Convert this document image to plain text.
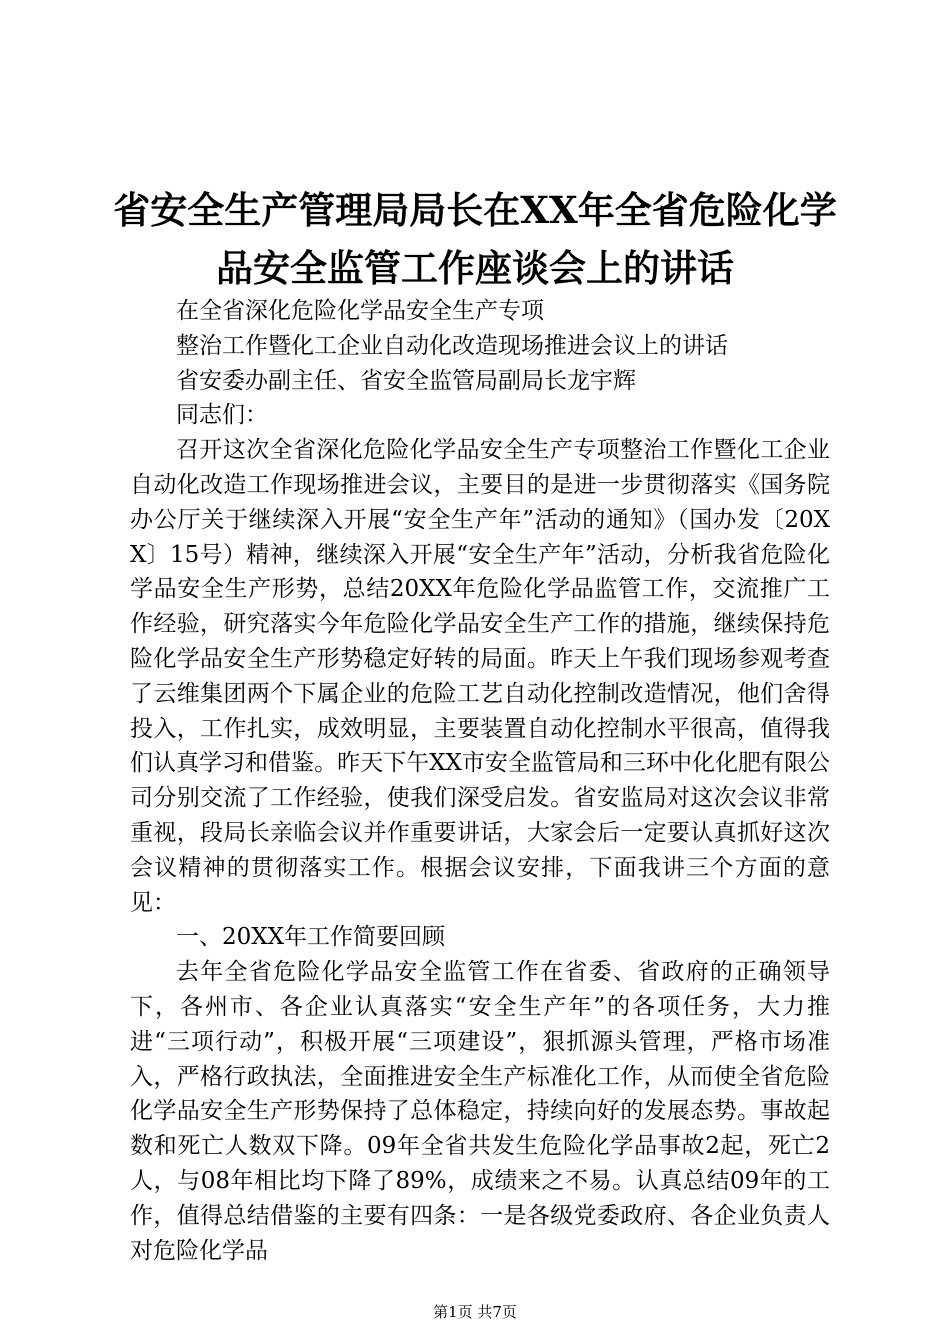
省安全生产管理局局长在XX年全省危险化学
品安全监管工作座谈会上的讲话

在全省深化危险化学品安全生产专项

整治工作暨化工企业自动化改造现场推进会议上的讲话

省安委办副主任、省安全监管局副局长龙宇辉

同志们：

召开这次全省深化危险化学品安全生产专项整治工作暨化工企业自动化改造工作现场推进会议，主要目的是进一步贯彻落实《国务院办公厅关于继续深入开展“安全生产年”活动的通知》（国办发〔20XX〕15号）精神，继续深入开展“安全生产年”活动，分析我省危险化学品安全生产形势，总结20XX年危险化学品监管工作，交流推广工作经验，研究落实今年危险化学品安全生产工作的措施，继续保持危险化学品安全生产形势稳定好转的局面。昨天上午我们现场参观考查了云维集团两个下属企业的危险工艺自动化控制改造情况，他们舍得投入，工作扎实，成效明显，主要装置自动化控制水平很高，值得我们认真学习和借鉴。昨天下午XX市安全监管局和三环中化化肥有限公司分别交流了工作经验，使我们深受启发。省安监局对这次会议非常重视，段局长亲临会议并作重要讲话，大家会后一定要认真抓好这次会议精神的贯彻落实工作。根据会议安排，下面我讲三个方面的意见：

一、20XX年工作简要回顾

去年全省危险化学品安全监管工作在省委、省政府的正确领导下，各州市、各企业认真落实“安全生产年”的各项任务，大力推进“三项行动”，积极开展“三项建设”，狠抓源头管理，严格市场准入，严格行政执法，全面推进安全生产标准化工作，从而使全省危险化学品安全生产形势保持了总体稳定，持续向好的发展态势。事故起数和死亡人数双下降。09年全省共发生危险化学品事故2起，死亡2人，与08年相比均下降了89%，成绩来之不易。认真总结09年的工作，值得总结借鉴的主要有四条：一是各级党委政府、各企业负责人对危险化学品

第1页 共7页
